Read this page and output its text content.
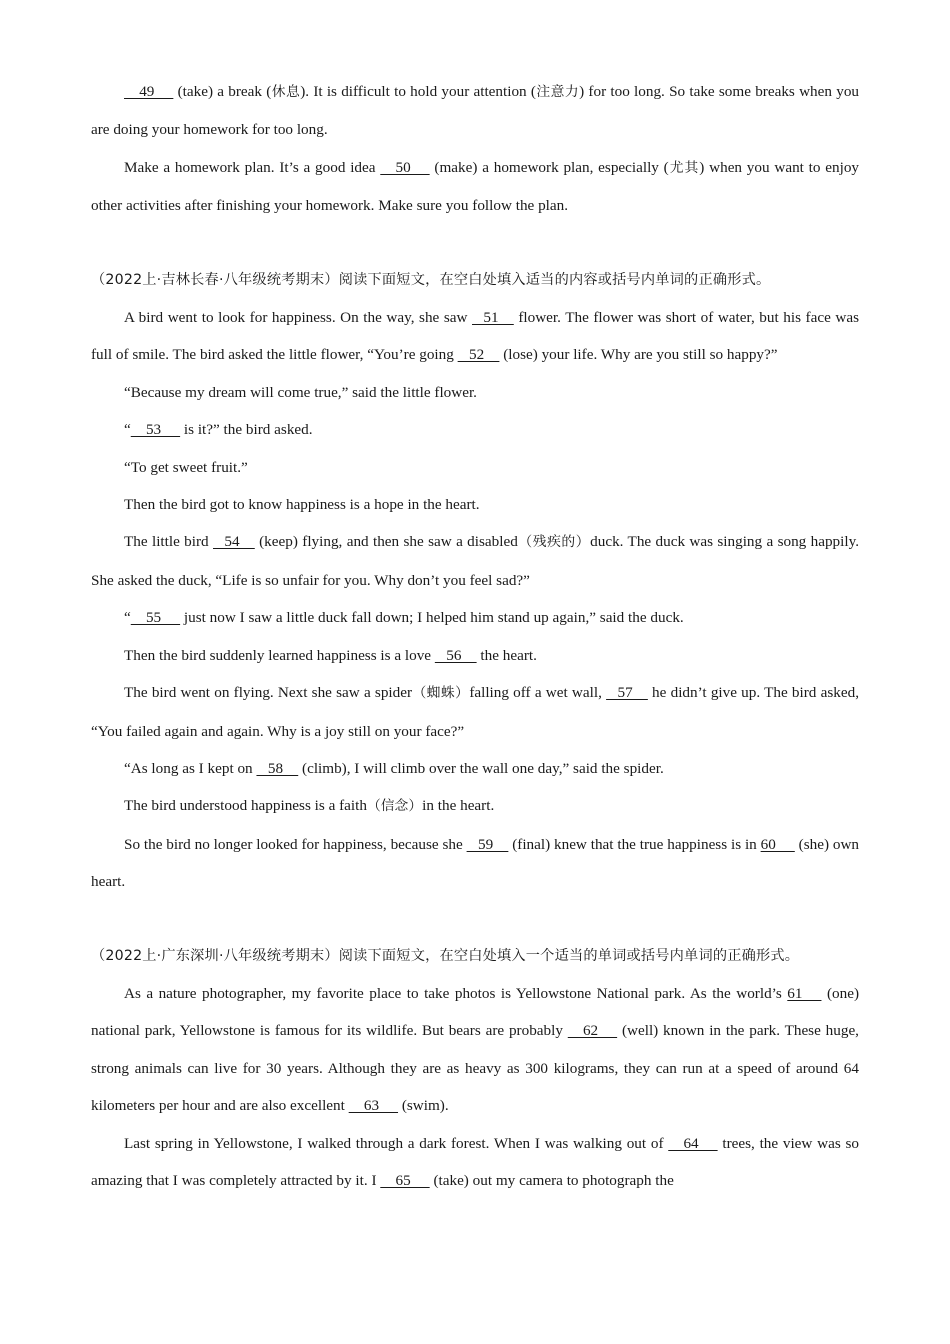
49      (take) a break (休息). It is difficult to hold your attention (注意力) for too long. So take some breaks when you are doing your homework for too long.

Make a homework plan. It’s a good idea     50      (make) a homework plan, especially (尤其) when you want to enjoy other activities after finishing your homework. Make sure you follow the plan.

（2022上·吉林长春·八年级统考期末）阅读下面短文，在空白处填入适当的内容或括号内单词的正确形式。

A bird went to look for happiness. On the way, she saw    51     flower. The flower was short of water, but his face was full of smile. The bird asked the little flower, “You’re going    52     (lose) your life. Why are you still so happy?”

“Because my dream will come true,” said the little flower.

“    53      is it?” the bird asked.

“To get sweet fruit.”

Then the bird got to know happiness is a hope in the heart.

The little bird    54     (keep) flying, and then she saw a disabled（残疾的）duck. The duck was singing a song happily. She asked the duck, “Life is so unfair for you. Why don’t you feel sad?”

“    55      just now I saw a little duck fall down; I helped him stand up again,” said the duck.

Then the bird suddenly learned happiness is a love    56     the heart.

The bird went on flying. Next she saw a spider（蜘蛛）falling off a wet wall,    57     he didn’t give up. The bird asked, “You failed again and again. Why is a joy still on your face?”

“As long as I kept on    58     (climb), I will climb over the wall one day,” said the spider.

The bird understood happiness is a faith（信念）in the heart.

So the bird no longer looked for happiness, because she    59     (final) knew that the true happiness is in 60      (she) own heart.

（2022上·广东深圳·八年级统考期末）阅读下面短文，在空白处填入一个适当的单词或括号内单词的正确形式。

As a nature photographer, my favorite place to take photos is Yellowstone National park. As the world’s 61      (one) national park, Yellowstone is famous for its wildlife. But bears are probably     62      (well) known in the park. These huge, strong animals can live for 30 years. Although they are as heavy as 300 kilograms, they can run at a speed of around 64 kilometers per hour and are also excellent     63      (swim).

Last spring in Yellowstone, I walked through a dark forest. When I was walking out of     64      trees, the view was so amazing that I was completely attracted by it. I     65      (take) out my camera to photograph the
